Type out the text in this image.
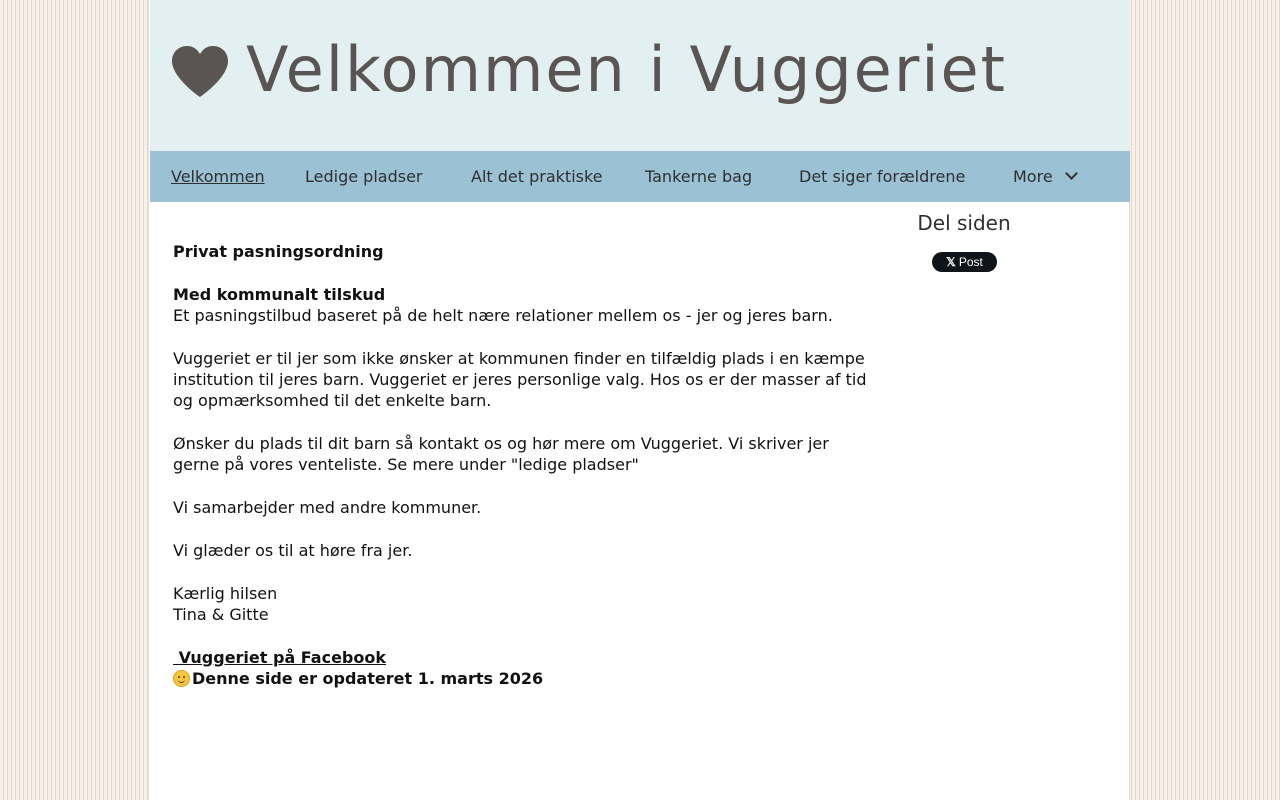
Velkommen i Vuggeriet
Velkommen	Ledige pladser	Alt det praktiske	Tankerne bag	Det siger forældrene	More

Privat pasningsordning

Med kommunalt tilskud

Et pasningstilbud baseret på de helt nære relationer mellem os - jer og jeres barn.

Vuggeriet er til jer som ikke ønsker at kommunen finder en tilfældig plads i en kæmpe institution til jeres barn. Vuggeriet er jeres personlige valg. Hos os er der masser af tid og opmærksomhed til det enkelte barn.

Ønsker du plads til dit barn så kontakt os og hør mere om Vuggeriet. Vi skriver jer gerne på vores venteliste. Se mere under "ledige pladser"

Vi samarbejder med andre kommuner.

Vi glæder os til at høre fra jer.

Kærlig hilsen

Tina & Gitte

Vuggeriet på Facebook

Denne side er opdateret 1. marts 2026

Del siden
𝕏 Post
